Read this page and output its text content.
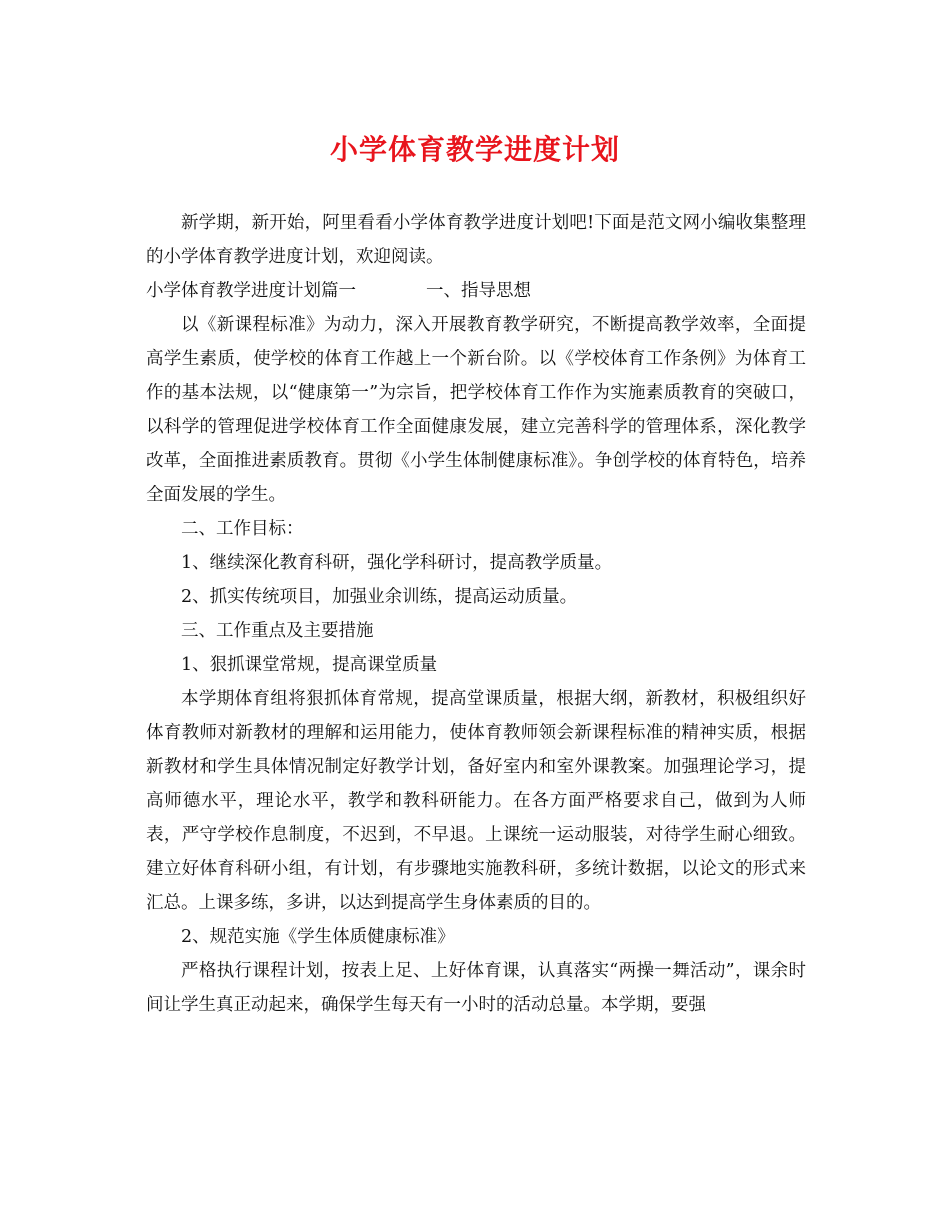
小学体育教学进度计划

新学期，新开始，阿里看看小学体育教学进度计划吧!下面是范文网小编收集整理的小学体育教学进度计划，欢迎阅读。

小学体育教学进度计划篇一	一、指导思想

以《新课程标准》为动力，深入开展教育教学研究，不断提高教学效率，全面提高学生素质，使学校的体育工作越上一个新台阶。以《学校体育工作条例》为体育工作的基本法规，以“健康第一”为宗旨，把学校体育工作作为实施素质教育的突破口，以科学的管理促进学校体育工作全面健康发展，建立完善科学的管理体系，深化教学改革，全面推进素质教育。贯彻《小学生体制健康标准》。争创学校的体育特色，培养全面发展的学生。

二、工作目标：

1、继续深化教育科研，强化学科研讨，提高教学质量。

2、抓实传统项目，加强业余训练，提高运动质量。

三、工作重点及主要措施

1、狠抓课堂常规，提高课堂质量

本学期体育组将狠抓体育常规，提高堂课质量，根据大纲，新教材，积极组织好体育教师对新教材的理解和运用能力，使体育教师领会新课程标准的精神实质，根据新教材和学生具体情况制定好教学计划，备好室内和室外课教案。加强理论学习，提高师德水平，理论水平，教学和教科研能力。在各方面严格要求自己，做到为人师表，严守学校作息制度，不迟到，不早退。上课统一运动服装，对待学生耐心细致。建立好体育科研小组，有计划，有步骤地实施教科研，多统计数据，以论文的形式来汇总。上课多练，多讲，以达到提高学生身体素质的目的。

2、规范实施《学生体质健康标准》

严格执行课程计划，按表上足、上好体育课，认真落实“两操一舞活动”，课余时间让学生真正动起来，确保学生每天有一小时的活动总量。本学期，要强
